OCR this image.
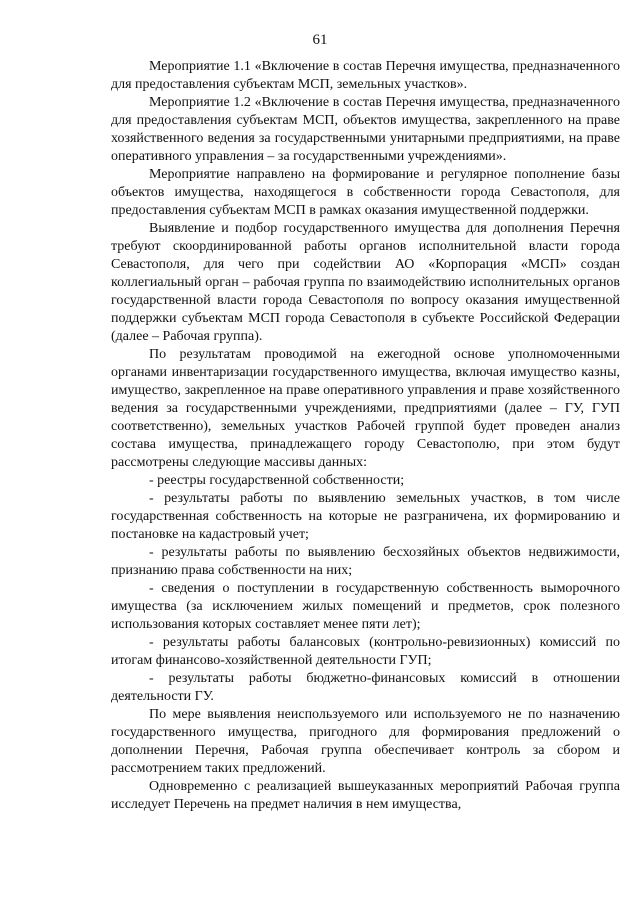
61

Мероприятие 1.1 «Включение в состав Перечня имущества, предназначенного для предоставления субъектам МСП, земельных участков».

Мероприятие 1.2 «Включение в состав Перечня имущества, предназначенного для предоставления субъектам МСП, объектов имущества, закрепленного на праве хозяйственного ведения за государственными унитарными предприятиями, на праве оперативного управления – за государственными учреждениями».

Мероприятие направлено на формирование и регулярное пополнение базы объектов имущества, находящегося в собственности города Севастополя, для предоставления субъектам МСП в рамках оказания имущественной поддержки.

Выявление и подбор государственного имущества для дополнения Перечня требуют скоординированной работы органов исполнительной власти города Севастополя, для чего при содействии АО «Корпорация «МСП» создан коллегиальный орган – рабочая группа по взаимодействию исполнительных органов государственной власти города Севастополя по вопросу оказания имущественной поддержки субъектам МСП города Севастополя в субъекте Российской Федерации (далее – Рабочая группа).

По результатам проводимой на ежегодной основе уполномоченными органами инвентаризации государственного имущества, включая имущество казны, имущество, закрепленное на праве оперативного управления и праве хозяйственного ведения за государственными учреждениями, предприятиями (далее – ГУ, ГУП соответственно), земельных участков Рабочей группой будет проведен анализ состава имущества, принадлежащего городу Севастополю, при этом будут рассмотрены следующие массивы данных:

- реестры государственной собственности;

- результаты работы по выявлению земельных участков, в том числе государственная собственность на которые не разграничена, их формированию и постановке на кадастровый учет;

- результаты работы по выявлению бесхозяйных объектов недвижимости, признанию права собственности на них;

- сведения о поступлении в государственную собственность выморочного имущества (за исключением жилых помещений и предметов, срок полезного использования которых составляет менее пяти лет);

- результаты работы балансовых (контрольно-ревизионных) комиссий по итогам финансово-хозяйственной деятельности ГУП;

- результаты работы бюджетно-финансовых комиссий в отношении деятельности ГУ.

По мере выявления неиспользуемого или используемого не по назначению государственного имущества, пригодного для формирования предложений о дополнении Перечня, Рабочая группа обеспечивает контроль за сбором и рассмотрением таких предложений.

Одновременно с реализацией вышеуказанных мероприятий Рабочая группа исследует Перечень на предмет наличия в нем имущества,
